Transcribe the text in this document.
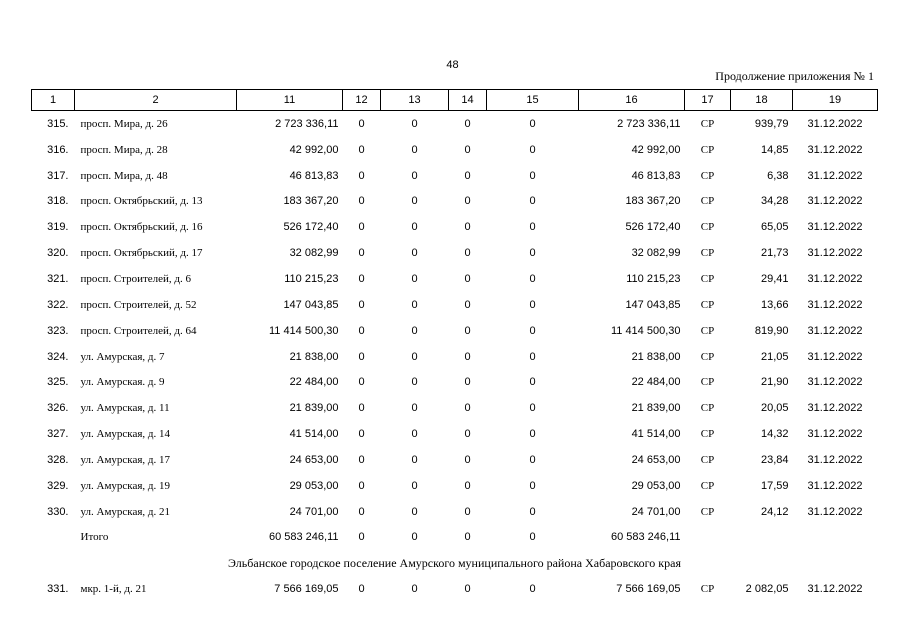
48
Продолжение приложения № 1
1	2	11	12	13	14	15	16	17	18	19
315.	просп. Мира, д. 26	2 723 336,11	0	0	0	0	2 723 336,11	СР	939,79	31.12.2022
316.	просп. Мира, д. 28	42 992,00	0	0	0	0	42 992,00	СР	14,85	31.12.2022
317.	просп. Мира, д. 48	46 813,83	0	0	0	0	46 813,83	СР	6,38	31.12.2022
318.	просп. Октябрьский, д. 13	183 367,20	0	0	0	0	183 367,20	СР	34,28	31.12.2022
319.	просп. Октябрьский, д. 16	526 172,40	0	0	0	0	526 172,40	СР	65,05	31.12.2022
320.	просп. Октябрьский, д. 17	32 082,99	0	0	0	0	32 082,99	СР	21,73	31.12.2022
321.	просп. Строителей, д. 6	110 215,23	0	0	0	0	110 215,23	СР	29,41	31.12.2022
322.	просп. Строителей, д. 52	147 043,85	0	0	0	0	147 043,85	СР	13,66	31.12.2022
323.	просп. Строителей, д. 64	11 414 500,30	0	0	0	0	11 414 500,30	СР	819,90	31.12.2022
324.	ул. Амурская, д. 7	21 838,00	0	0	0	0	21 838,00	СР	21,05	31.12.2022
325.	ул. Амурская. д. 9	22 484,00	0	0	0	0	22 484,00	СР	21,90	31.12.2022
326.	ул. Амурская, д. 11	21 839,00	0	0	0	0	21 839,00	СР	20,05	31.12.2022
327.	ул. Амурская, д. 14	41 514,00	0	0	0	0	41 514,00	СР	14,32	31.12.2022
328.	ул. Амурская, д. 17	24 653,00	0	0	0	0	24 653,00	СР	23,84	31.12.2022
329.	ул. Амурская, д. 19	29 053,00	0	0	0	0	29 053,00	СР	17,59	31.12.2022
330.	ул. Амурская, д. 21	24 701,00	0	0	0	0	24 701,00	СР	24,12	31.12.2022
	Итого	60 583 246,11	0	0	0	0	60 583 246,11			
Эльбанское городское поселение Амурского муниципального района Хабаровского края										
331.	мкр. 1-й, д. 21	7 566 169,05	0	0	0	0	7 566 169,05	СР	2 082,05	31.12.2022
